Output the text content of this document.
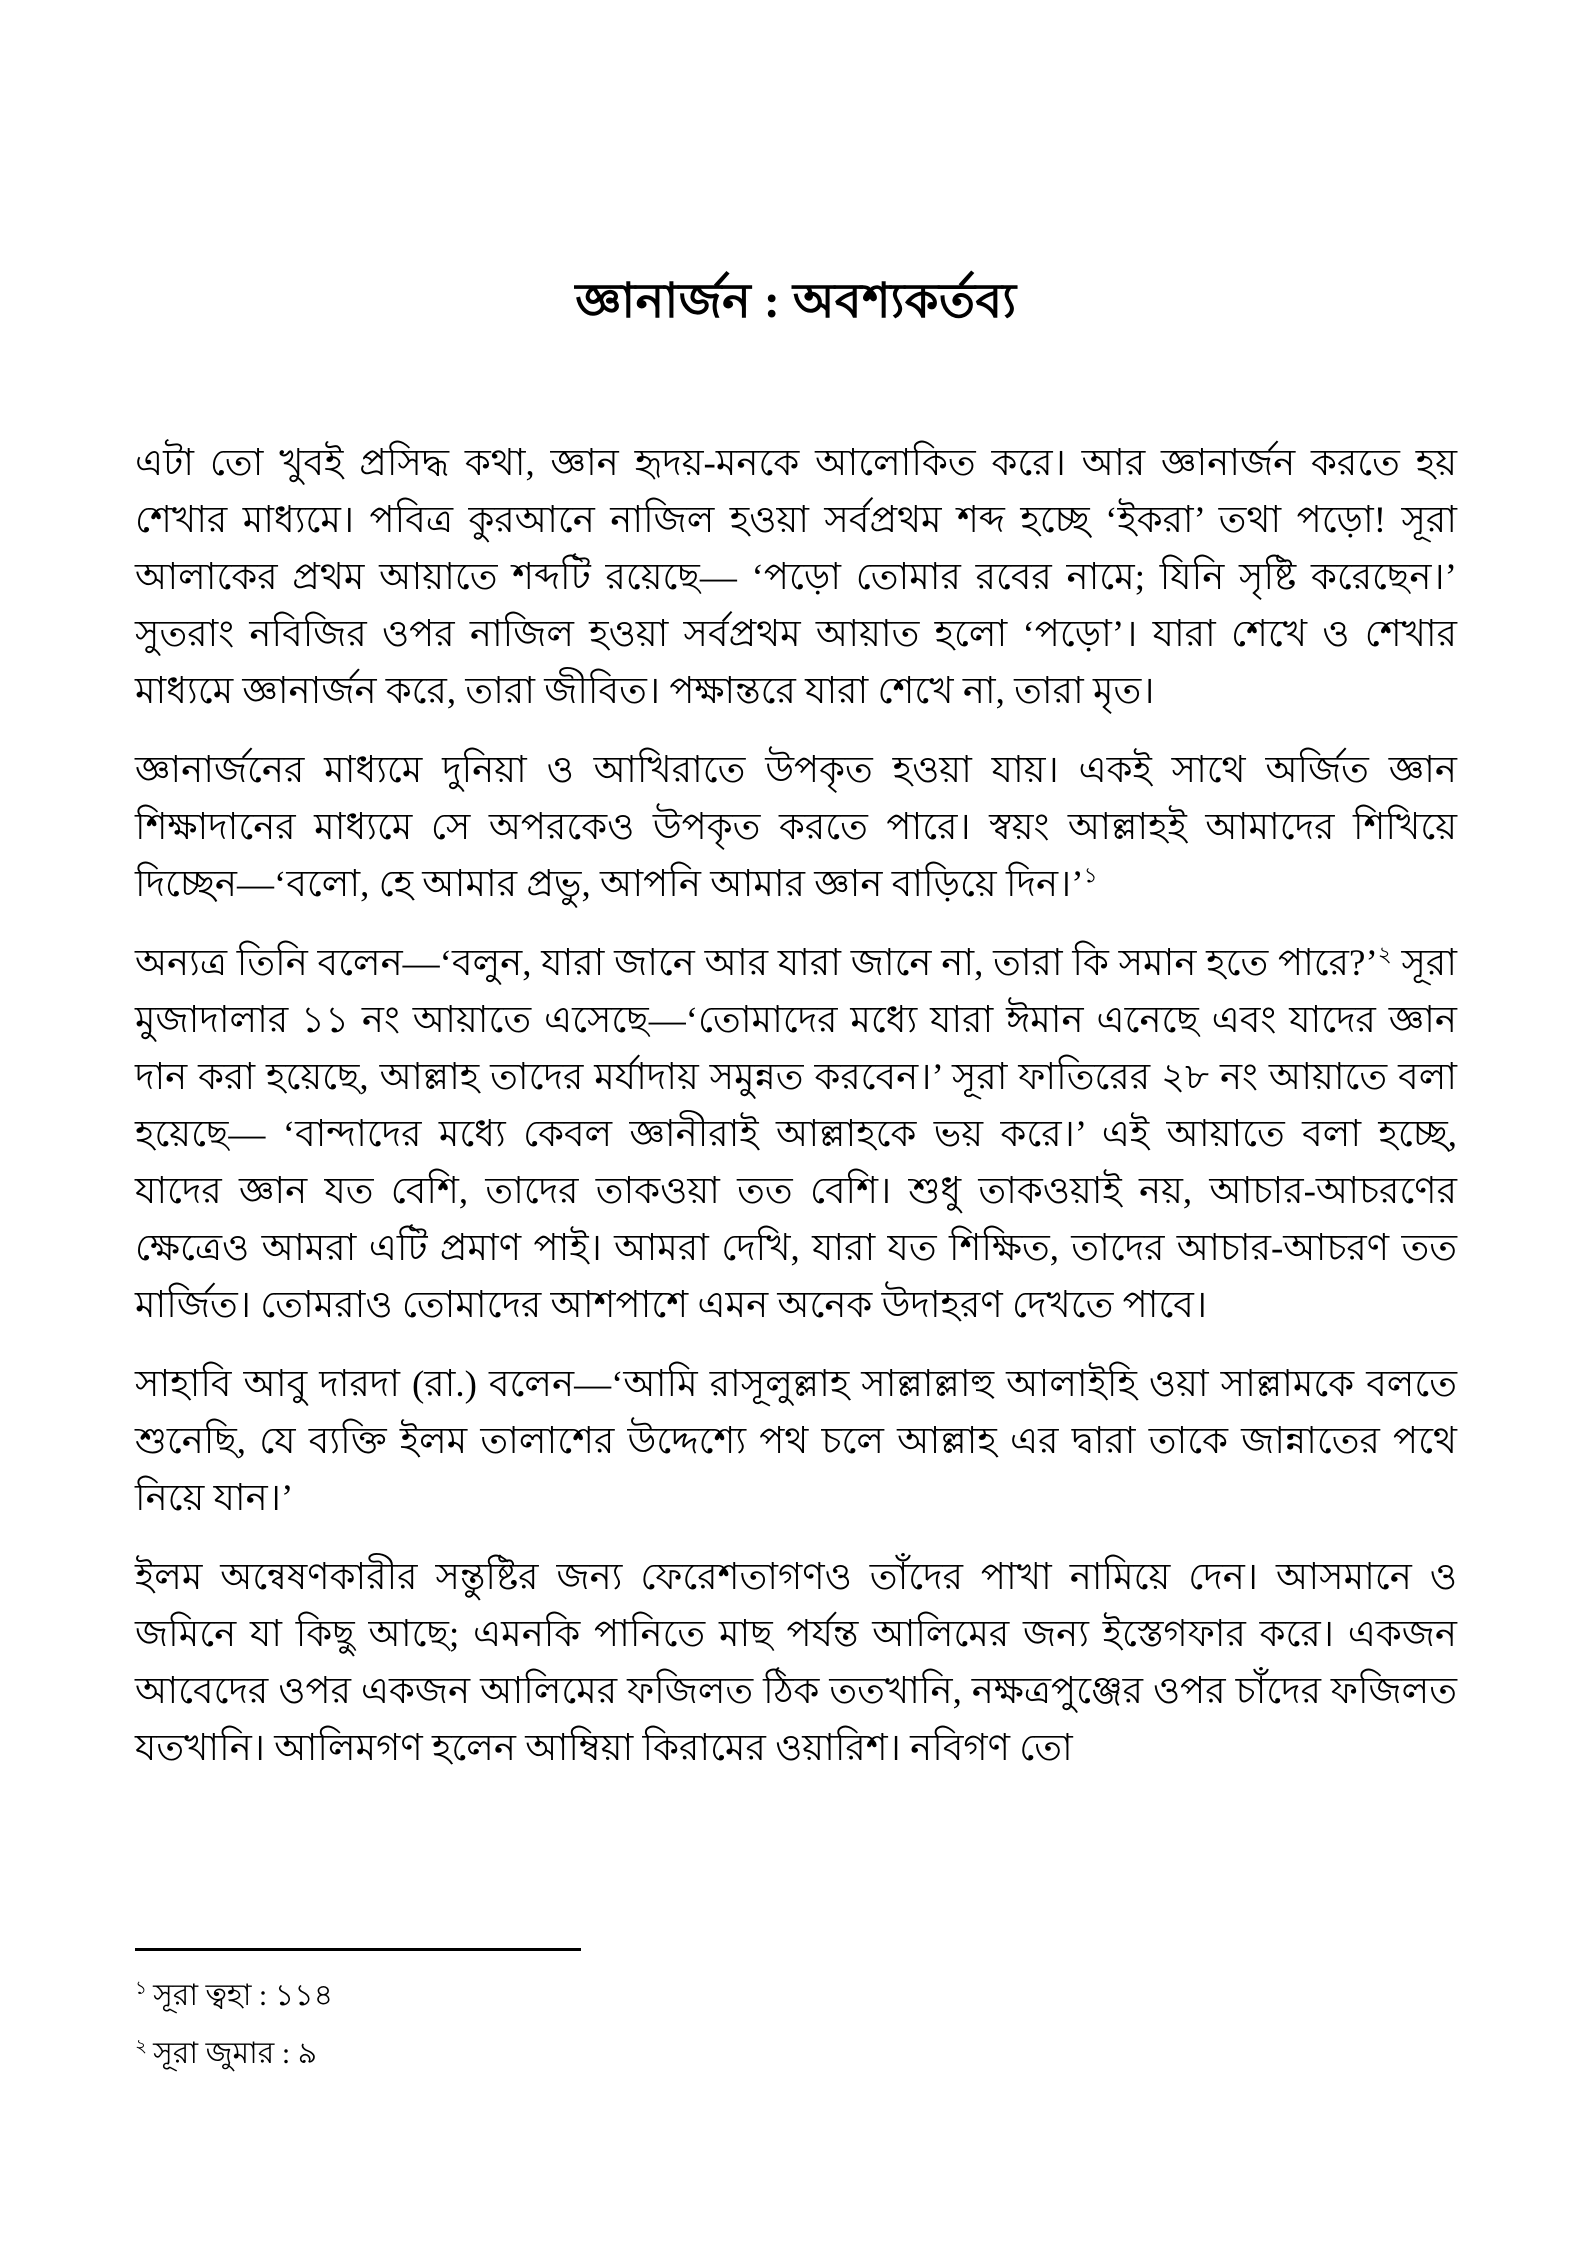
জ্ঞানার্জন : অবশ্যকর্তব্য

এটা তো খুবই প্রসিদ্ধ কথা, জ্ঞান হৃদয়-মনকে আলোকিত করে। আর জ্ঞানার্জন করতে হয় শেখার মাধ্যমে। পবিত্র কুরআনে নাজিল হওয়া সর্বপ্রথম শব্দ হচ্ছে ‘ইকরা’ তথা পড়ো! সূরা আলাকের প্রথম আয়াতে শব্দটি রয়েছে— ‘পড়ো তোমার রবের নামে; যিনি সৃষ্টি করেছেন।’ সুতরাং নবিজির ওপর নাজিল হওয়া সর্বপ্রথম আয়াত হলো ‘পড়ো’। যারা শেখে ও শেখার মাধ্যমে জ্ঞানার্জন করে, তারা জীবিত। পক্ষান্তরে যারা শেখে না, তারা মৃত।

জ্ঞানার্জনের মাধ্যমে দুনিয়া ও আখিরাতে উপকৃত হওয়া যায়। একই সাথে অর্জিত জ্ঞান শিক্ষাদানের মাধ্যমে সে অপরকেও উপকৃত করতে পারে। স্বয়ং আল্লাহই আমাদের শিখিয়ে দিচ্ছেন—‘বলো, হে আমার প্রভু, আপনি আমার জ্ঞান বাড়িয়ে দিন।’$^১$

অন্যত্র তিনি বলেন—‘বলুন, যারা জানে আর যারা জানে না, তারা কি সমান হতে পারে?’$^২$ সূরা মুজাদালার ১১ নং আয়াতে এসেছে—‘তোমাদের মধ্যে যারা ঈমান এনেছে এবং যাদের জ্ঞান দান করা হয়েছে, আল্লাহ তাদের মর্যাদায় সমুন্নত করবেন।’ সূরা ফাতিরের ২৮ নং আয়াতে বলা হয়েছে— ‘বান্দাদের মধ্যে কেবল জ্ঞানীরাই আল্লাহকে ভয় করে।’ এই আয়াতে বলা হচ্ছে, যাদের জ্ঞান যত বেশি, তাদের তাকওয়া তত বেশি। শুধু তাকওয়াই নয়, আচার-আচরণের ক্ষেত্রেও আমরা এটি প্রমাণ পাই। আমরা দেখি, যারা যত শিক্ষিত, তাদের আচার-আচরণ তত মার্জিত। তোমরাও তোমাদের আশপাশে এমন অনেক উদাহরণ দেখতে পাবে।

সাহাবি আবু দারদা (রা.) বলেন—‘আমি রাসূলুল্লাহ সাল্লাল্লাহু আলাইহি ওয়া সাল্লামকে বলতে শুনেছি, যে ব্যক্তি ইলম তালাশের উদ্দেশ্যে পথ চলে আল্লাহ এর দ্বারা তাকে জান্নাতের পথে নিয়ে যান।’

ইলম অন্বেষণকারীর সন্তুষ্টির জন্য ফেরেশতাগণও তাঁদের পাখা নামিয়ে দেন। আসমানে ও জমিনে যা কিছু আছে; এমনকি পানিতে মাছ পর্যন্ত আলিমের জন্য ইস্তেগফার করে। একজন আবেদের ওপর একজন আলিমের ফজিলত ঠিক ততখানি, নক্ষত্রপুঞ্জের ওপর চাঁদের ফজিলত যতখানি। আলিমগণ হলেন আম্বিয়া কিরামের ওয়ারিশ। নবিগণ তো

$^১$ সূরা ত্বহা : ১১৪
$^২$ সূরা জুমার : ৯
